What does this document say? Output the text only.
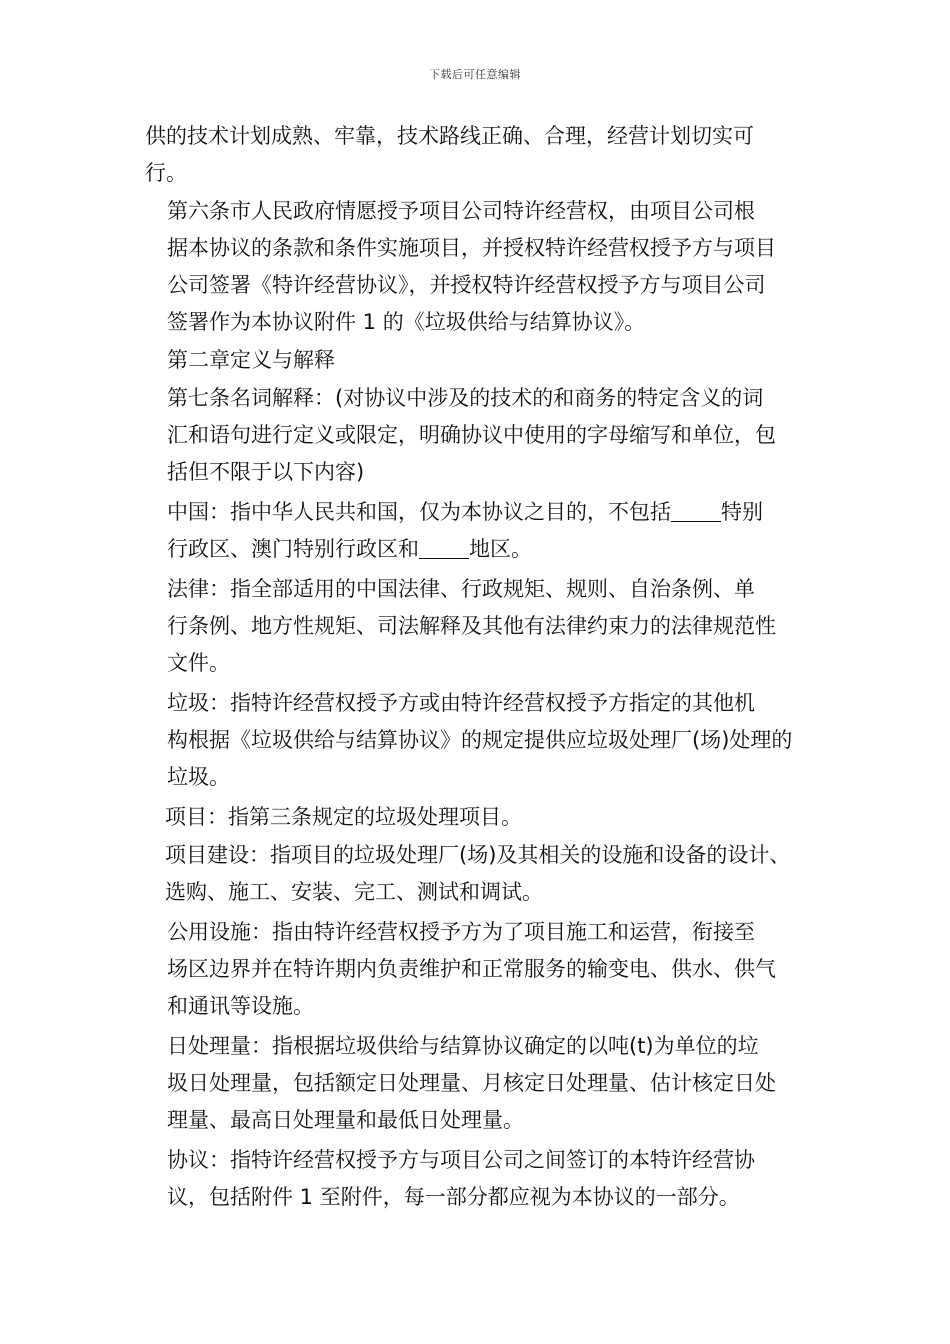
下载后可任意编辑
供的技术计划成熟、牢靠，技术路线正确、合理，经营计划切实可
行。
第六条市人民政府情愿授予项目公司特许经营权，由项目公司根
据本协议的条款和条件实施项目，并授权特许经营权授予方与项目
公司签署《特许经营协议》，并授权特许经营权授予方与项目公司
签署作为本协议附件 1 的《垃圾供给与结算协议》。
第二章定义与解释
第七条名词解释：(对协议中涉及的技术的和商务的特定含义的词
汇和语句进行定义或限定，明确协议中使用的字母缩写和单位，包
括但不限于以下内容)
中国：指中华人民共和国，仅为本协议之目的，不包括 特别
行政区、澳门特别行政区和 地区。
法律：指全部适用的中国法律、行政规矩、规则、自治条例、单
行条例、地方性规矩、司法解释及其他有法律约束力的法律规范性
文件。
垃圾：指特许经营权授予方或由特许经营权授予方指定的其他机
构根据《垃圾供给与结算协议》的规定提供应垃圾处理厂(场)处理的
垃圾。
项目：指第三条规定的垃圾处理项目。
项目建设：指项目的垃圾处理厂(场)及其相关的设施和设备的设计、
选购、施工、安装、完工、测试和调试。
公用设施：指由特许经营权授予方为了项目施工和运营，衔接至
场区边界并在特许期内负责维护和正常服务的输变电、供水、供气
和通讯等设施。
日处理量：指根据垃圾供给与结算协议确定的以吨(t)为单位的垃
圾日处理量，包括额定日处理量、月核定日处理量、估计核定日处
理量、最高日处理量和最低日处理量。
协议：指特许经营权授予方与项目公司之间签订的本特许经营协
议，包括附件 1 至附件，每一部分都应视为本协议的一部分。
